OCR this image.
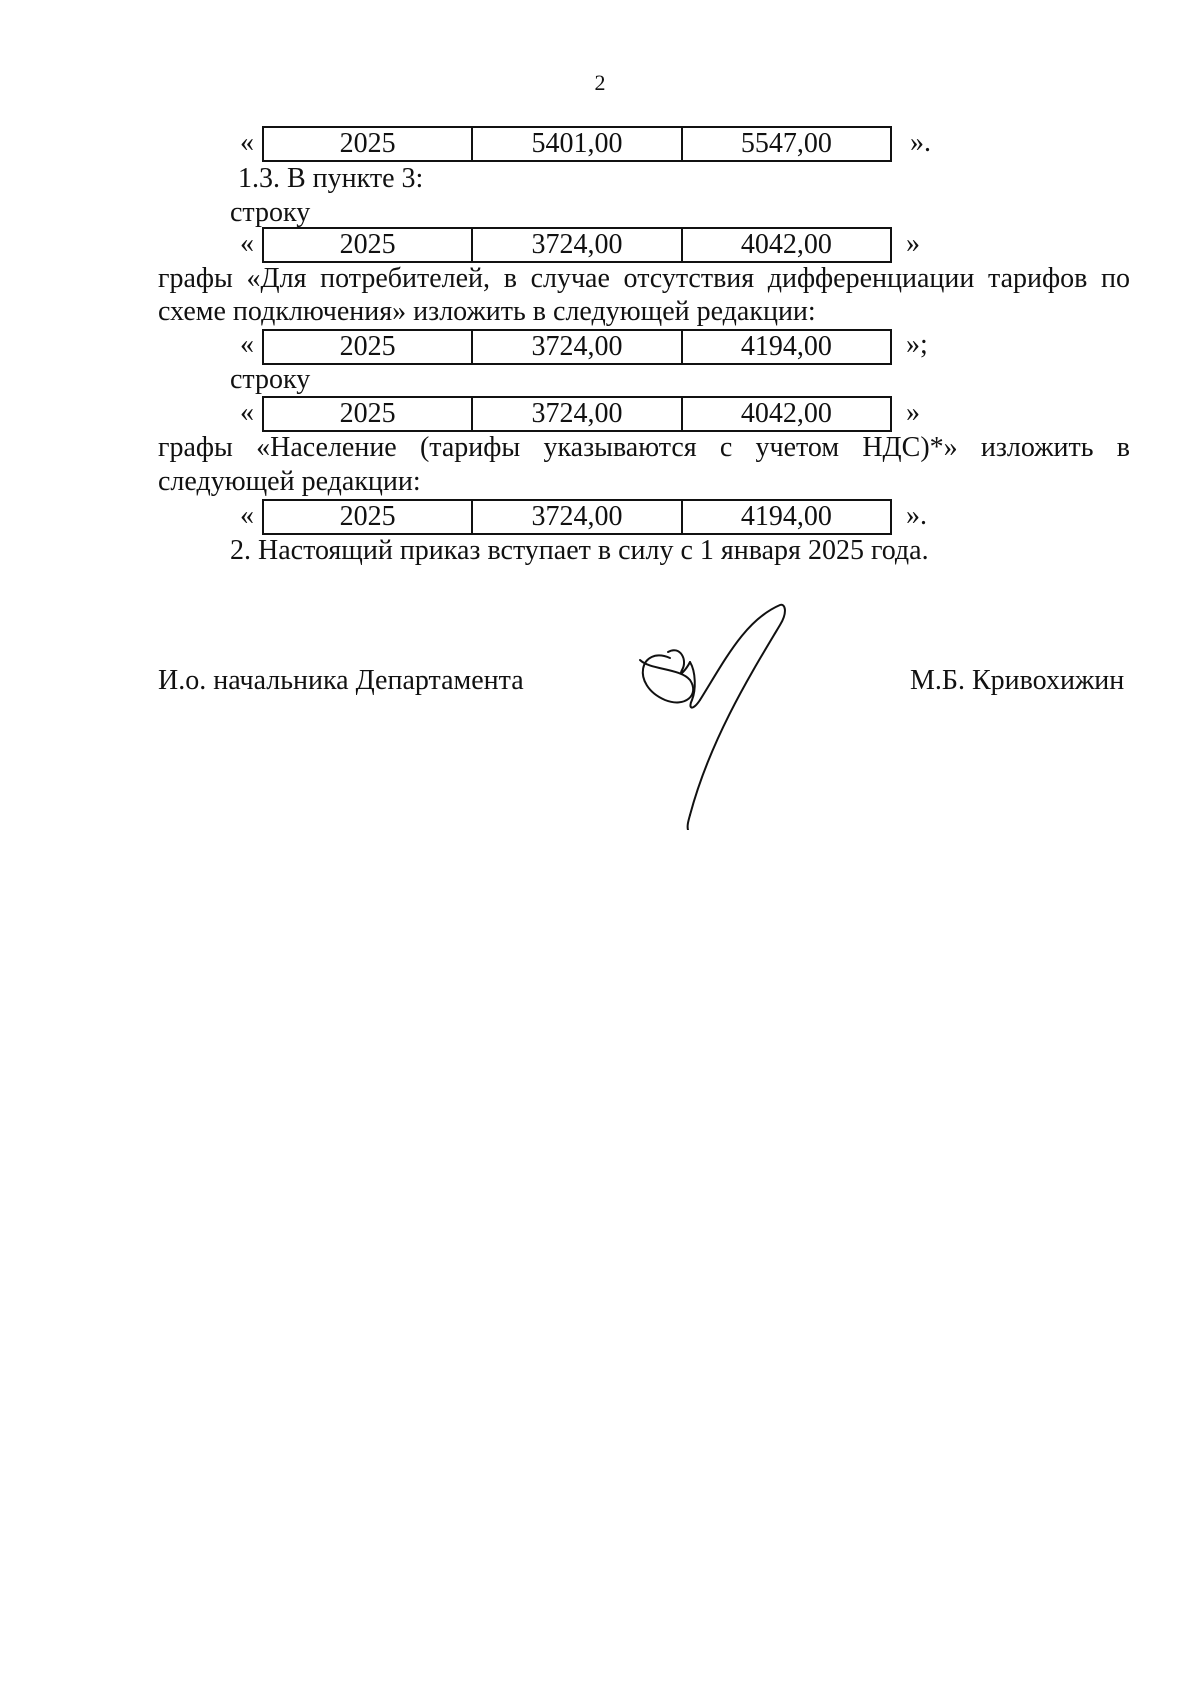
2
«	2025	5401,00	5547,00	».
1.3. В пункте 3:
строку
«	2025	3724,00	4042,00	»
графы «Для потребителей, в случае отсутствия дифференциации тарифов по
схеме подключения» изложить в следующей редакции:
«	2025	3724,00	4194,00	»;
строку
«	2025	3724,00	4042,00	»
графы «Население (тарифы указываются с учетом НДС)*» изложить в
следующей редакции:
«	2025	3724,00	4194,00	».
2. Настоящий приказ вступает в силу с 1 января 2025 года.
И.о. начальника Департамента	М.Б. Кривохижин
